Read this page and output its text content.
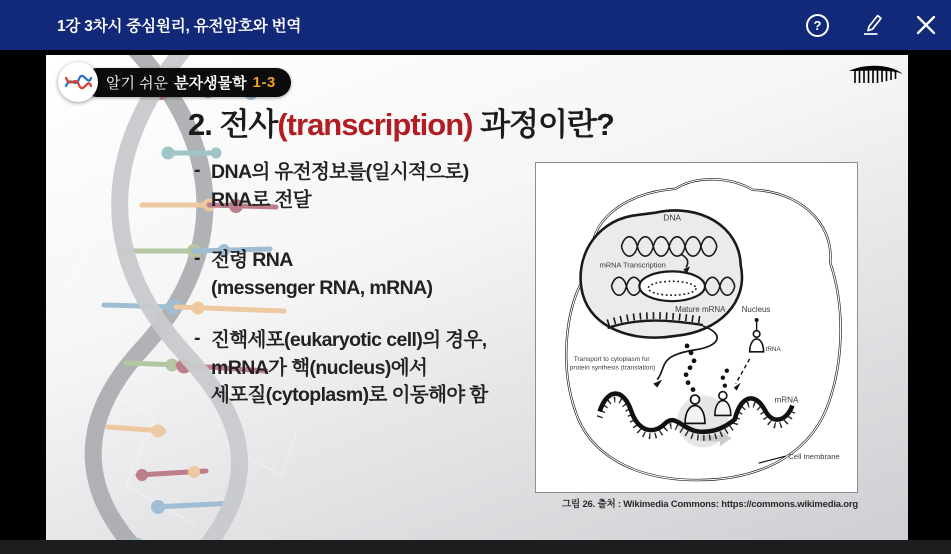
1강 3차시 중심원리, 유전암호와 번역	?
알기 쉬운 분자생물학 1-3
2. 전사(transcription) 과정이란?
- DNA의 유전정보를(일시적으로)
RNA로 전달
- 전령 RNA
(messenger RNA, mRNA)
- 진핵세포(eukaryotic cell)의 경우,
mRNA가 핵(nucleus)에서
세포질(cytoplasm)로 이동해야 함
DNA
mRNA Transcription
Mature mRNA Nucleus
Transport to cytoplasm for
protein synthesis (translation)
tRNA
mRNA
Cell membrane
그림 26. 출처 : Wikimedia Commons: https://commons.wikimedia.org
